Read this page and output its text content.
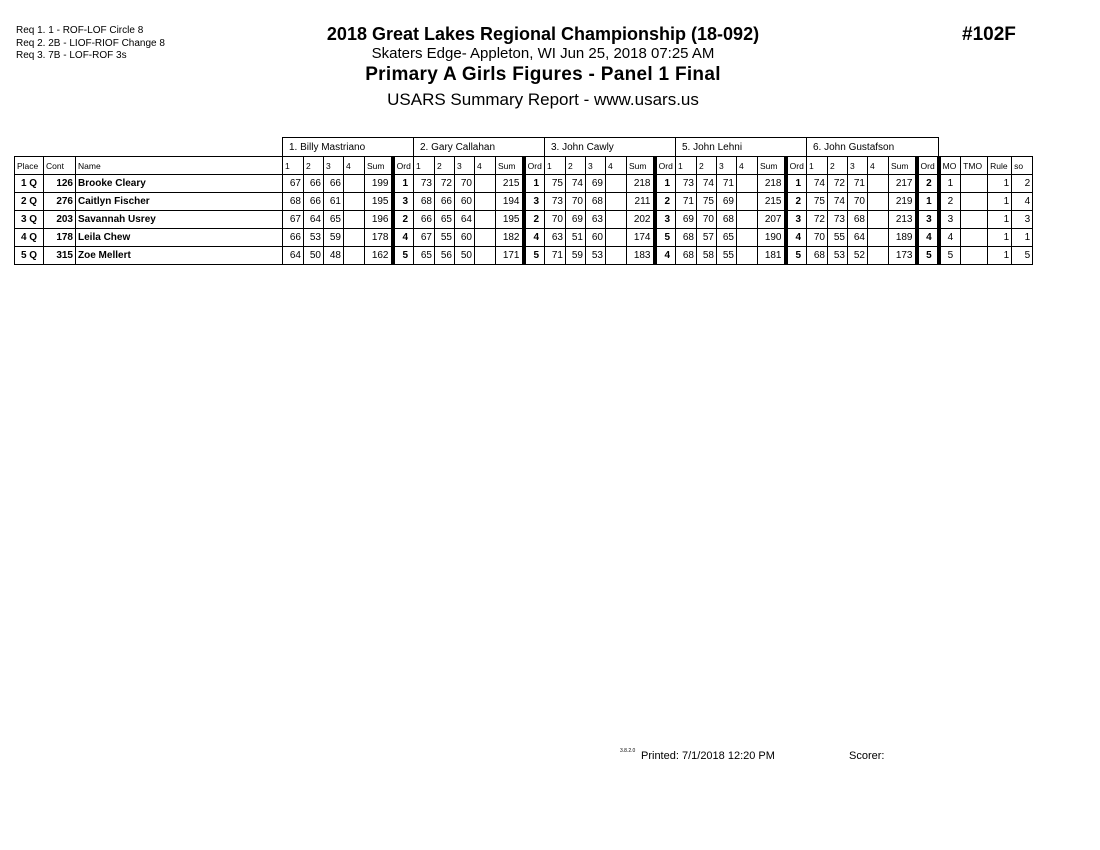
Req 1. 1 - ROF-LOF Circle 8
Req 2. 2B - LIOF-RIOF Change 8
Req 3. 7B - LOF-ROF 3s
2018 Great Lakes Regional Championship (18-092)
Skaters Edge- Appleton, WI Jun 25, 2018 07:25 AM
Primary A Girls Figures - Panel 1 Final
USARS Summary Report - www.usars.us
#102F
			1. Billy Mastriano						2. Gary Callahan						3. John Cawly						5. John Lehni						6. John Gustafson									
Place	Cont	Name	1	2	3	4	Sum	Ord	1	2	3	4	Sum	Ord	1	2	3	4	Sum	Ord	1	2	3	4	Sum	Ord	1	2	3	4	Sum	Ord	MO	TMO	Rule	so
1 Q	126	Brooke Cleary	67	66	66		199	1	73	72	70		215	1	75	74	69		218	1	73	74	71		218	1	74	72	71		217	2	1		1	2
2 Q	276	Caitlyn Fischer	68	66	61		195	3	68	66	60		194	3	73	70	68		211	2	71	75	69		215	2	75	74	70		219	1	2		1	4
3 Q	203	Savannah Usrey	67	64	65		196	2	66	65	64		195	2	70	69	63		202	3	69	70	68		207	3	72	73	68		213	3	3		1	3
4 Q	178	Leila Chew	66	53	59		178	4	67	55	60		182	4	63	51	60		174	5	68	57	65		190	4	70	55	64		189	4	4		1	1
5 Q	315	Zoe Mellert	64	50	48		162	5	65	56	50		171	5	71	59	53		183	4	68	58	55		181	5	68	53	52		173	5	5		1	5
3.8.2.0 Printed: 7/1/2018 12:20 PM	Scorer:
